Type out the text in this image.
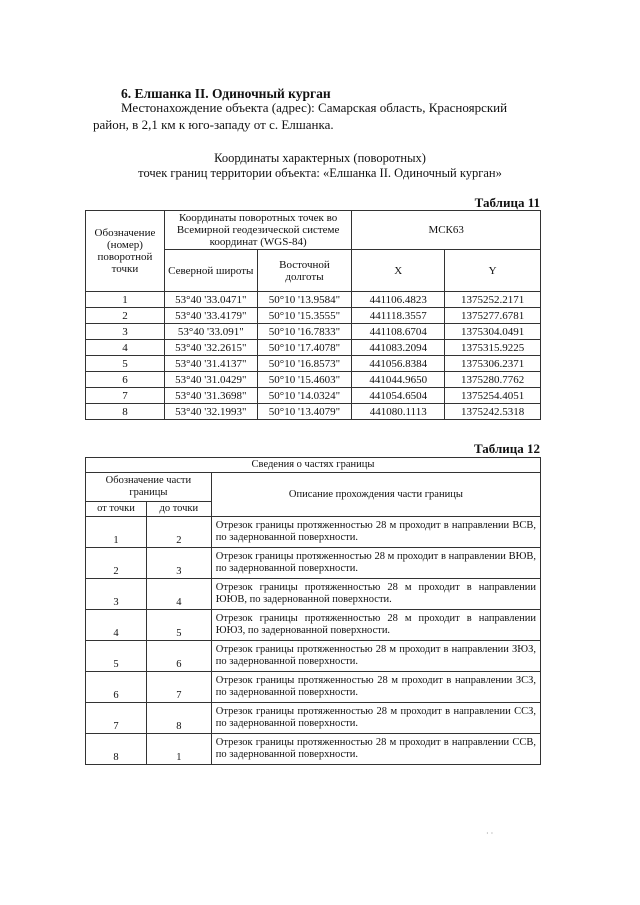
6. Елшанка II. Одиночный курган
Местонахождение объекта (адрес): Самарская область, Красноярский
район, в 2,1 км к юго-западу от с. Елшанка.
Координаты характерных (поворотных)
точек границ территории объекта: «Елшанка II. Одиночный курган»
Таблица 11
Обозначение (номер) поворотной точки	Координаты поворотных точек во Всемирной геодезической системе координат (WGS-84)		МСК63	
	Северной широты	Восточной долготы	X	Y
1	53°40 '33.0471"	50°10 '13.9584"	441106.4823	1375252.2171
2	53°40 '33.4179"	50°10 '15.3555"	441118.3557	1375277.6781
3	53°40 '33.091"	50°10 '16.7833"	441108.6704	1375304.0491
4	53°40 '32.2615"	50°10 '17.4078"	441083.2094	1375315.9225
5	53°40 '31.4137"	50°10 '16.8573"	441056.8384	1375306.2371
6	53°40 '31.0429"	50°10 '15.4603"	441044.9650	1375280.7762
7	53°40 '31.3698"	50°10 '14.0324"	441054.6504	1375254.4051
8	53°40 '32.1993"	50°10 '13.4079"	441080.1113	1375242.5318
Таблица 12
Сведения о частях границы		
Обозначение части границы		Описание прохождения части границы
от точки	до точки	
1	2	Отрезок границы протяженностью 28 м проходит в направлении ВСВ, по задернованной поверхности.
2	3	Отрезок границы протяженностью 28 м проходит в направлении ВЮВ, по задернованной поверхности.
3	4	Отрезок границы протяженностью 28 м проходит в направлении ЮЮВ, по задернованной поверхности.
4	5	Отрезок границы протяженностью 28 м проходит в направлении ЮЮЗ, по задернованной поверхности.
5	6	Отрезок границы протяженностью 28 м проходит в направлении ЗЮЗ, по задернованной поверхности.
6	7	Отрезок границы протяженностью 28 м проходит в направлении ЗСЗ, по задернованной поверхности.
7	8	Отрезок границы протяженностью 28 м проходит в направлении ССЗ, по задернованной поверхности.
8	1	Отрезок границы протяженностью 28 м проходит в направлении ССВ, по задернованной поверхности.
· ·
